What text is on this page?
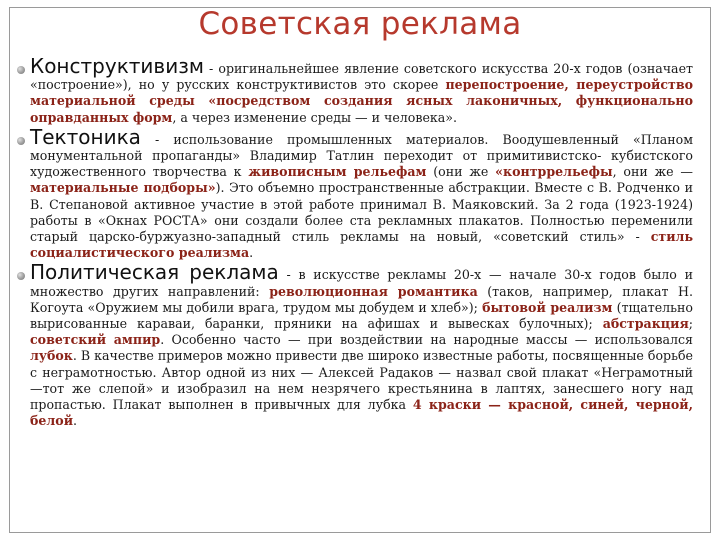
Советская реклама
Конструктивизм - оригинальнейшее явление советского искусства 20-х годов (означает «построение»), но у русских конструктивистов это скорее перепостроение, переустройство материальной среды «посредством создания ясных лаконичных, функционально оправданных форм, а через изменение среды — и человека».
Тектоника - использование промышленных материалов. Воодушевленный «Планом монументальной пропаганды» Владимир Татлин переходит от примитивистско- кубистского художественного творчества к живописным рельефам (они же «контррельефы, они же — материальные подборы»). Это объемно пространственные абстракции. Вместе с В. Родченко и В. Степановой активное участие в этой работе принимал В. Маяковский. За 2 года (1923-1924) работы в «Окнах РОСТА» они создали более ста рекламных плакатов. Полностью переменили старый царско-буржуазно-западный стиль рекламы на новый, «советский стиль» - стиль социалистического реализма.
Политическая реклама - в искусстве рекламы 20-х — начале 30-х годов было и множество других направлений: революционная романтика (таков, например, плакат Н. Когоута «Оружием мы добили врага, трудом мы добудем и хлеб»); бытовой реализм (тщательно вырисованные караваи, баранки, пряники на афишах и вывесках булочных); абстракция; советский ампир. Особенно часто — при воздействии на народные массы — использовался лубок. В качестве примеров можно привести две широко известные работы, посвященные борьбе с неграмотностью. Автор одной из них — Алексей Радаков — назвал свой плакат «Неграмотный —тот же слепой» и изобразил на нем незрячего крестьянина в лаптях, занесшего ногу над пропастью. Плакат выполнен в привычных для лубка 4 краски — красной, синей, черной, белой.
